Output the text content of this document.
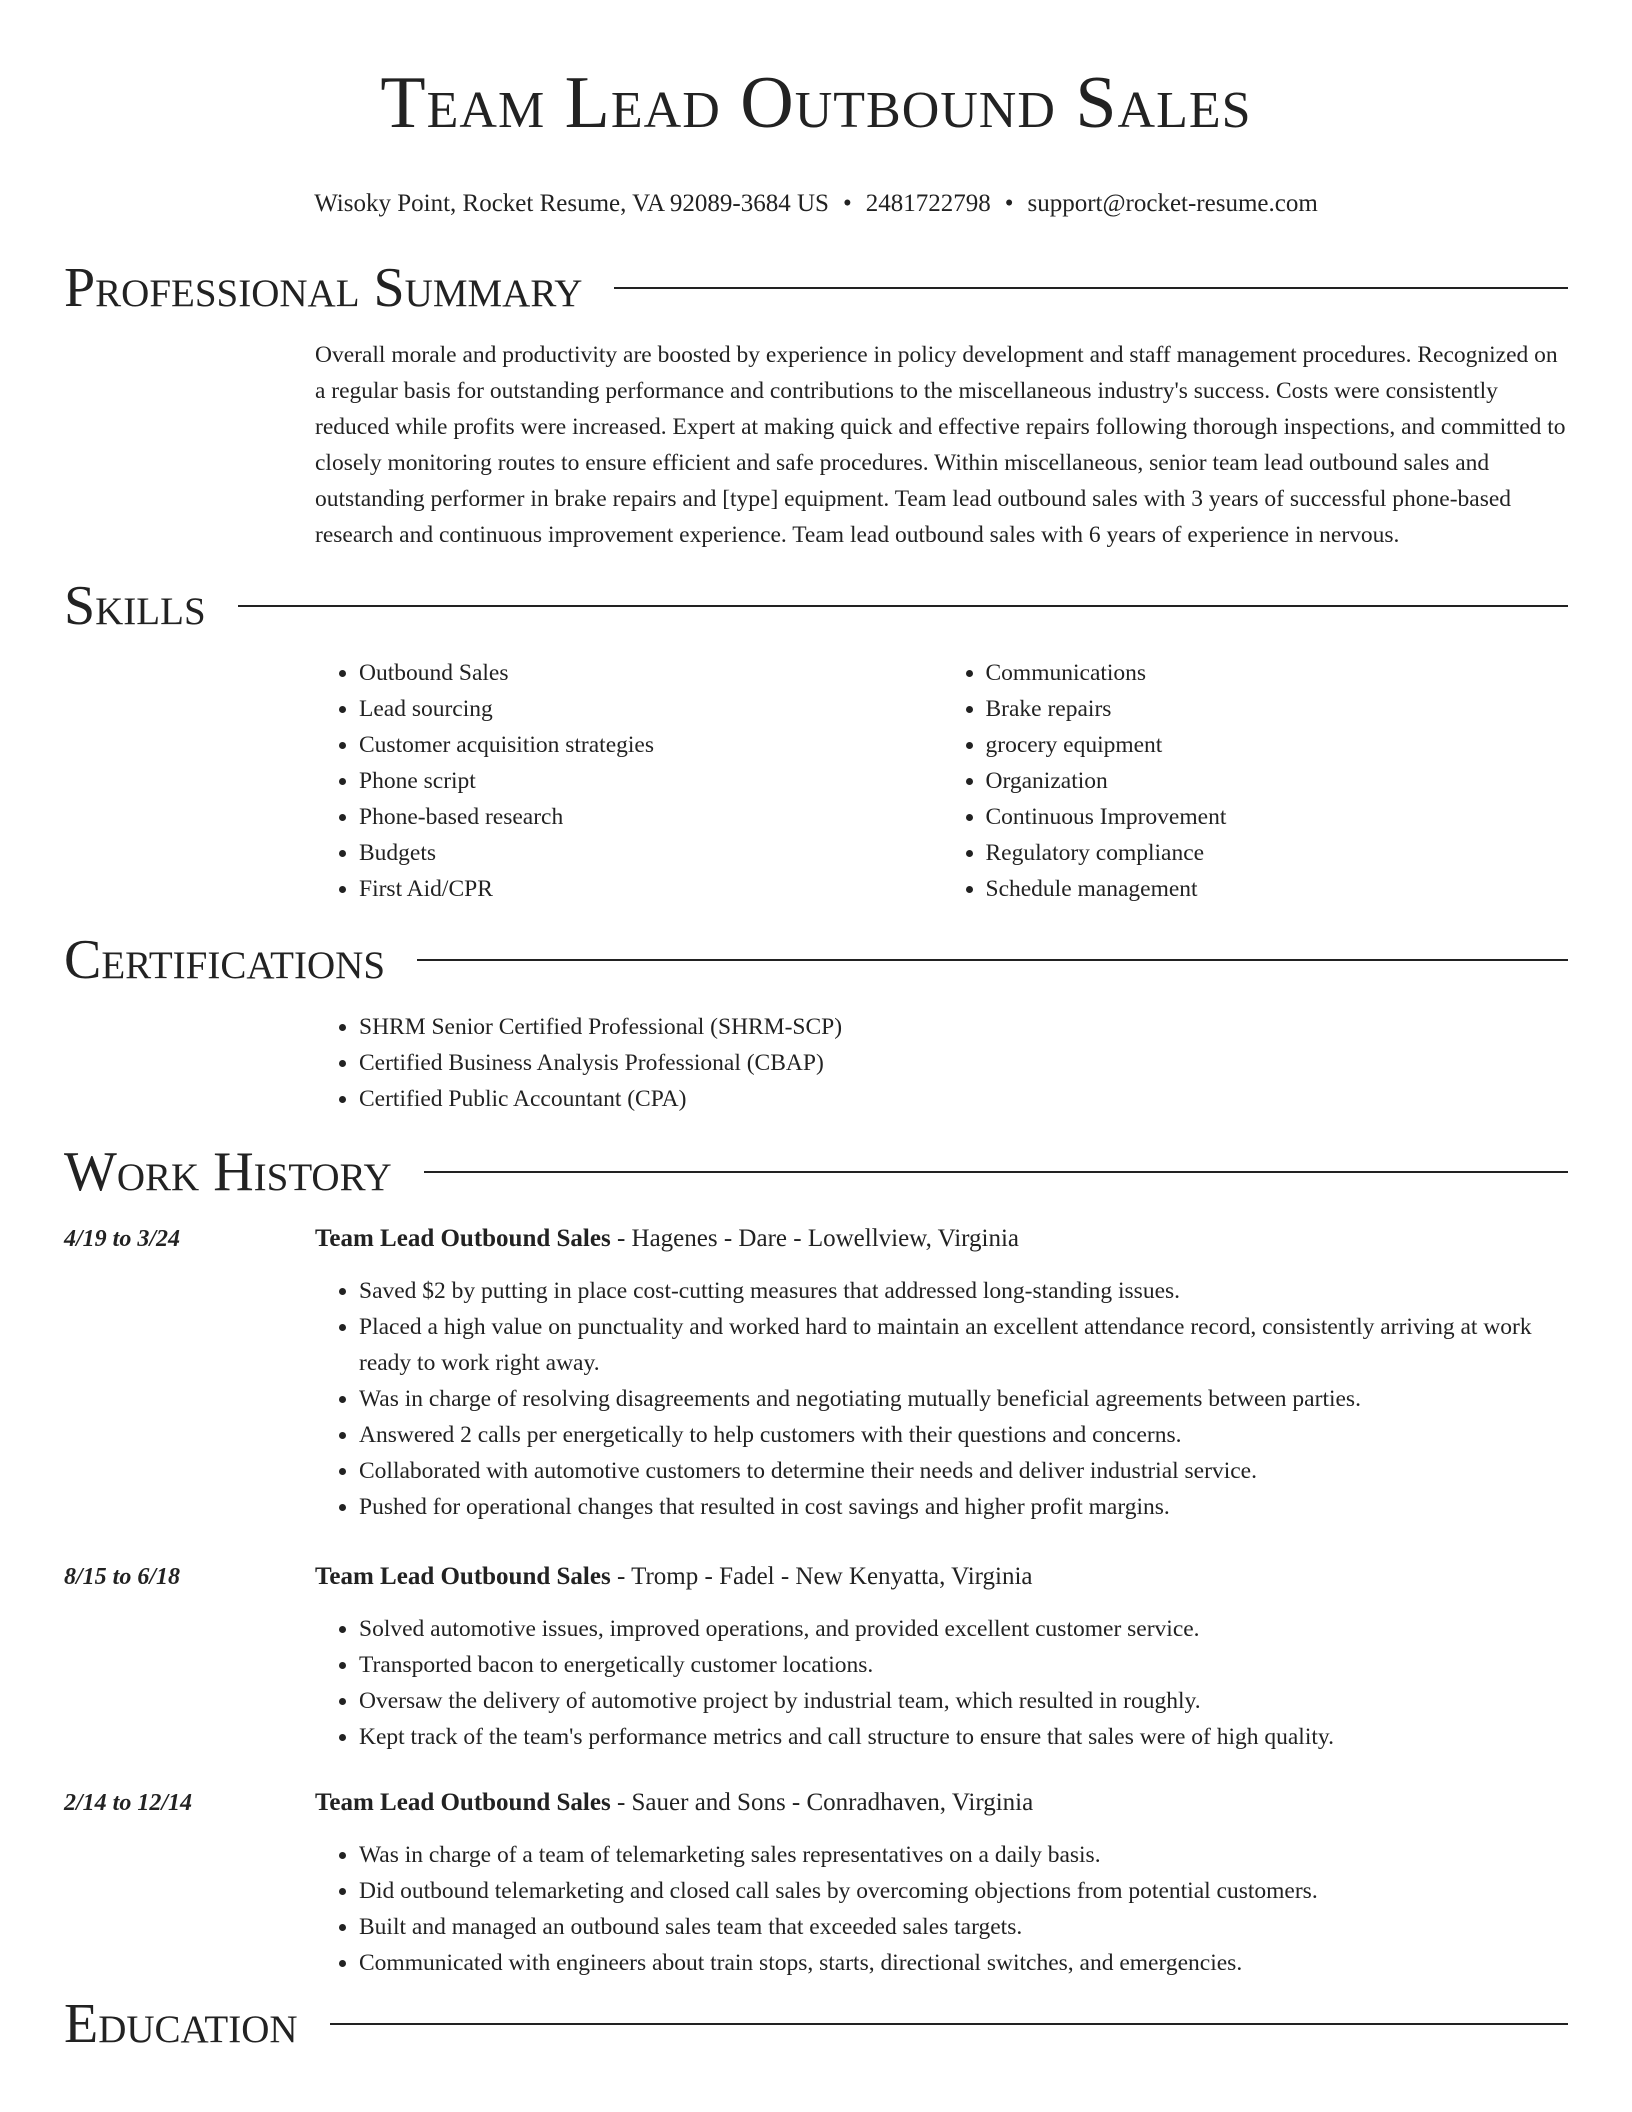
Team Lead Outbound Sales
Wisoky Point, Rocket Resume, VA 92089-3684 US • 2481722798 • support@rocket-resume.com
Professional Summary
Overall morale and productivity are boosted by experience in policy development and staff management procedures. Recognized on a regular basis for outstanding performance and contributions to the miscellaneous industry's success. Costs were consistently reduced while profits were increased. Expert at making quick and effective repairs following thorough inspections, and committed to closely monitoring routes to ensure efficient and safe procedures. Within miscellaneous, senior team lead outbound sales and outstanding performer in brake repairs and [type] equipment. Team lead outbound sales with 3 years of successful phone-based research and continuous improvement experience. Team lead outbound sales with 6 years of experience in nervous.
Skills
• Outbound Sales
• Lead sourcing
• Customer acquisition strategies
• Phone script
• Phone-based research
• Budgets
• First Aid/CPR
• Communications
• Brake repairs
• grocery equipment
• Organization
• Continuous Improvement
• Regulatory compliance
• Schedule management
Certifications
• SHRM Senior Certified Professional (SHRM-SCP)
• Certified Business Analysis Professional (CBAP)
• Certified Public Accountant (CPA)
Work History
4/19 to 3/24	Team Lead Outbound Sales - Hagenes - Dare - Lowellview, Virginia
• Saved $2 by putting in place cost-cutting measures that addressed long-standing issues.
• Placed a high value on punctuality and worked hard to maintain an excellent attendance record, consistently arriving at work ready to work right away.
• Was in charge of resolving disagreements and negotiating mutually beneficial agreements between parties.
• Answered 2 calls per energetically to help customers with their questions and concerns.
• Collaborated with automotive customers to determine their needs and deliver industrial service.
• Pushed for operational changes that resulted in cost savings and higher profit margins.
8/15 to 6/18	Team Lead Outbound Sales - Tromp - Fadel - New Kenyatta, Virginia
• Solved automotive issues, improved operations, and provided excellent customer service.
• Transported bacon to energetically customer locations.
• Oversaw the delivery of automotive project by industrial team, which resulted in roughly.
• Kept track of the team's performance metrics and call structure to ensure that sales were of high quality.
2/14 to 12/14	Team Lead Outbound Sales - Sauer and Sons - Conradhaven, Virginia
• Was in charge of a team of telemarketing sales representatives on a daily basis.
• Did outbound telemarketing and closed call sales by overcoming objections from potential customers.
• Built and managed an outbound sales team that exceeded sales targets.
• Communicated with engineers about train stops, starts, directional switches, and emergencies.
Education
